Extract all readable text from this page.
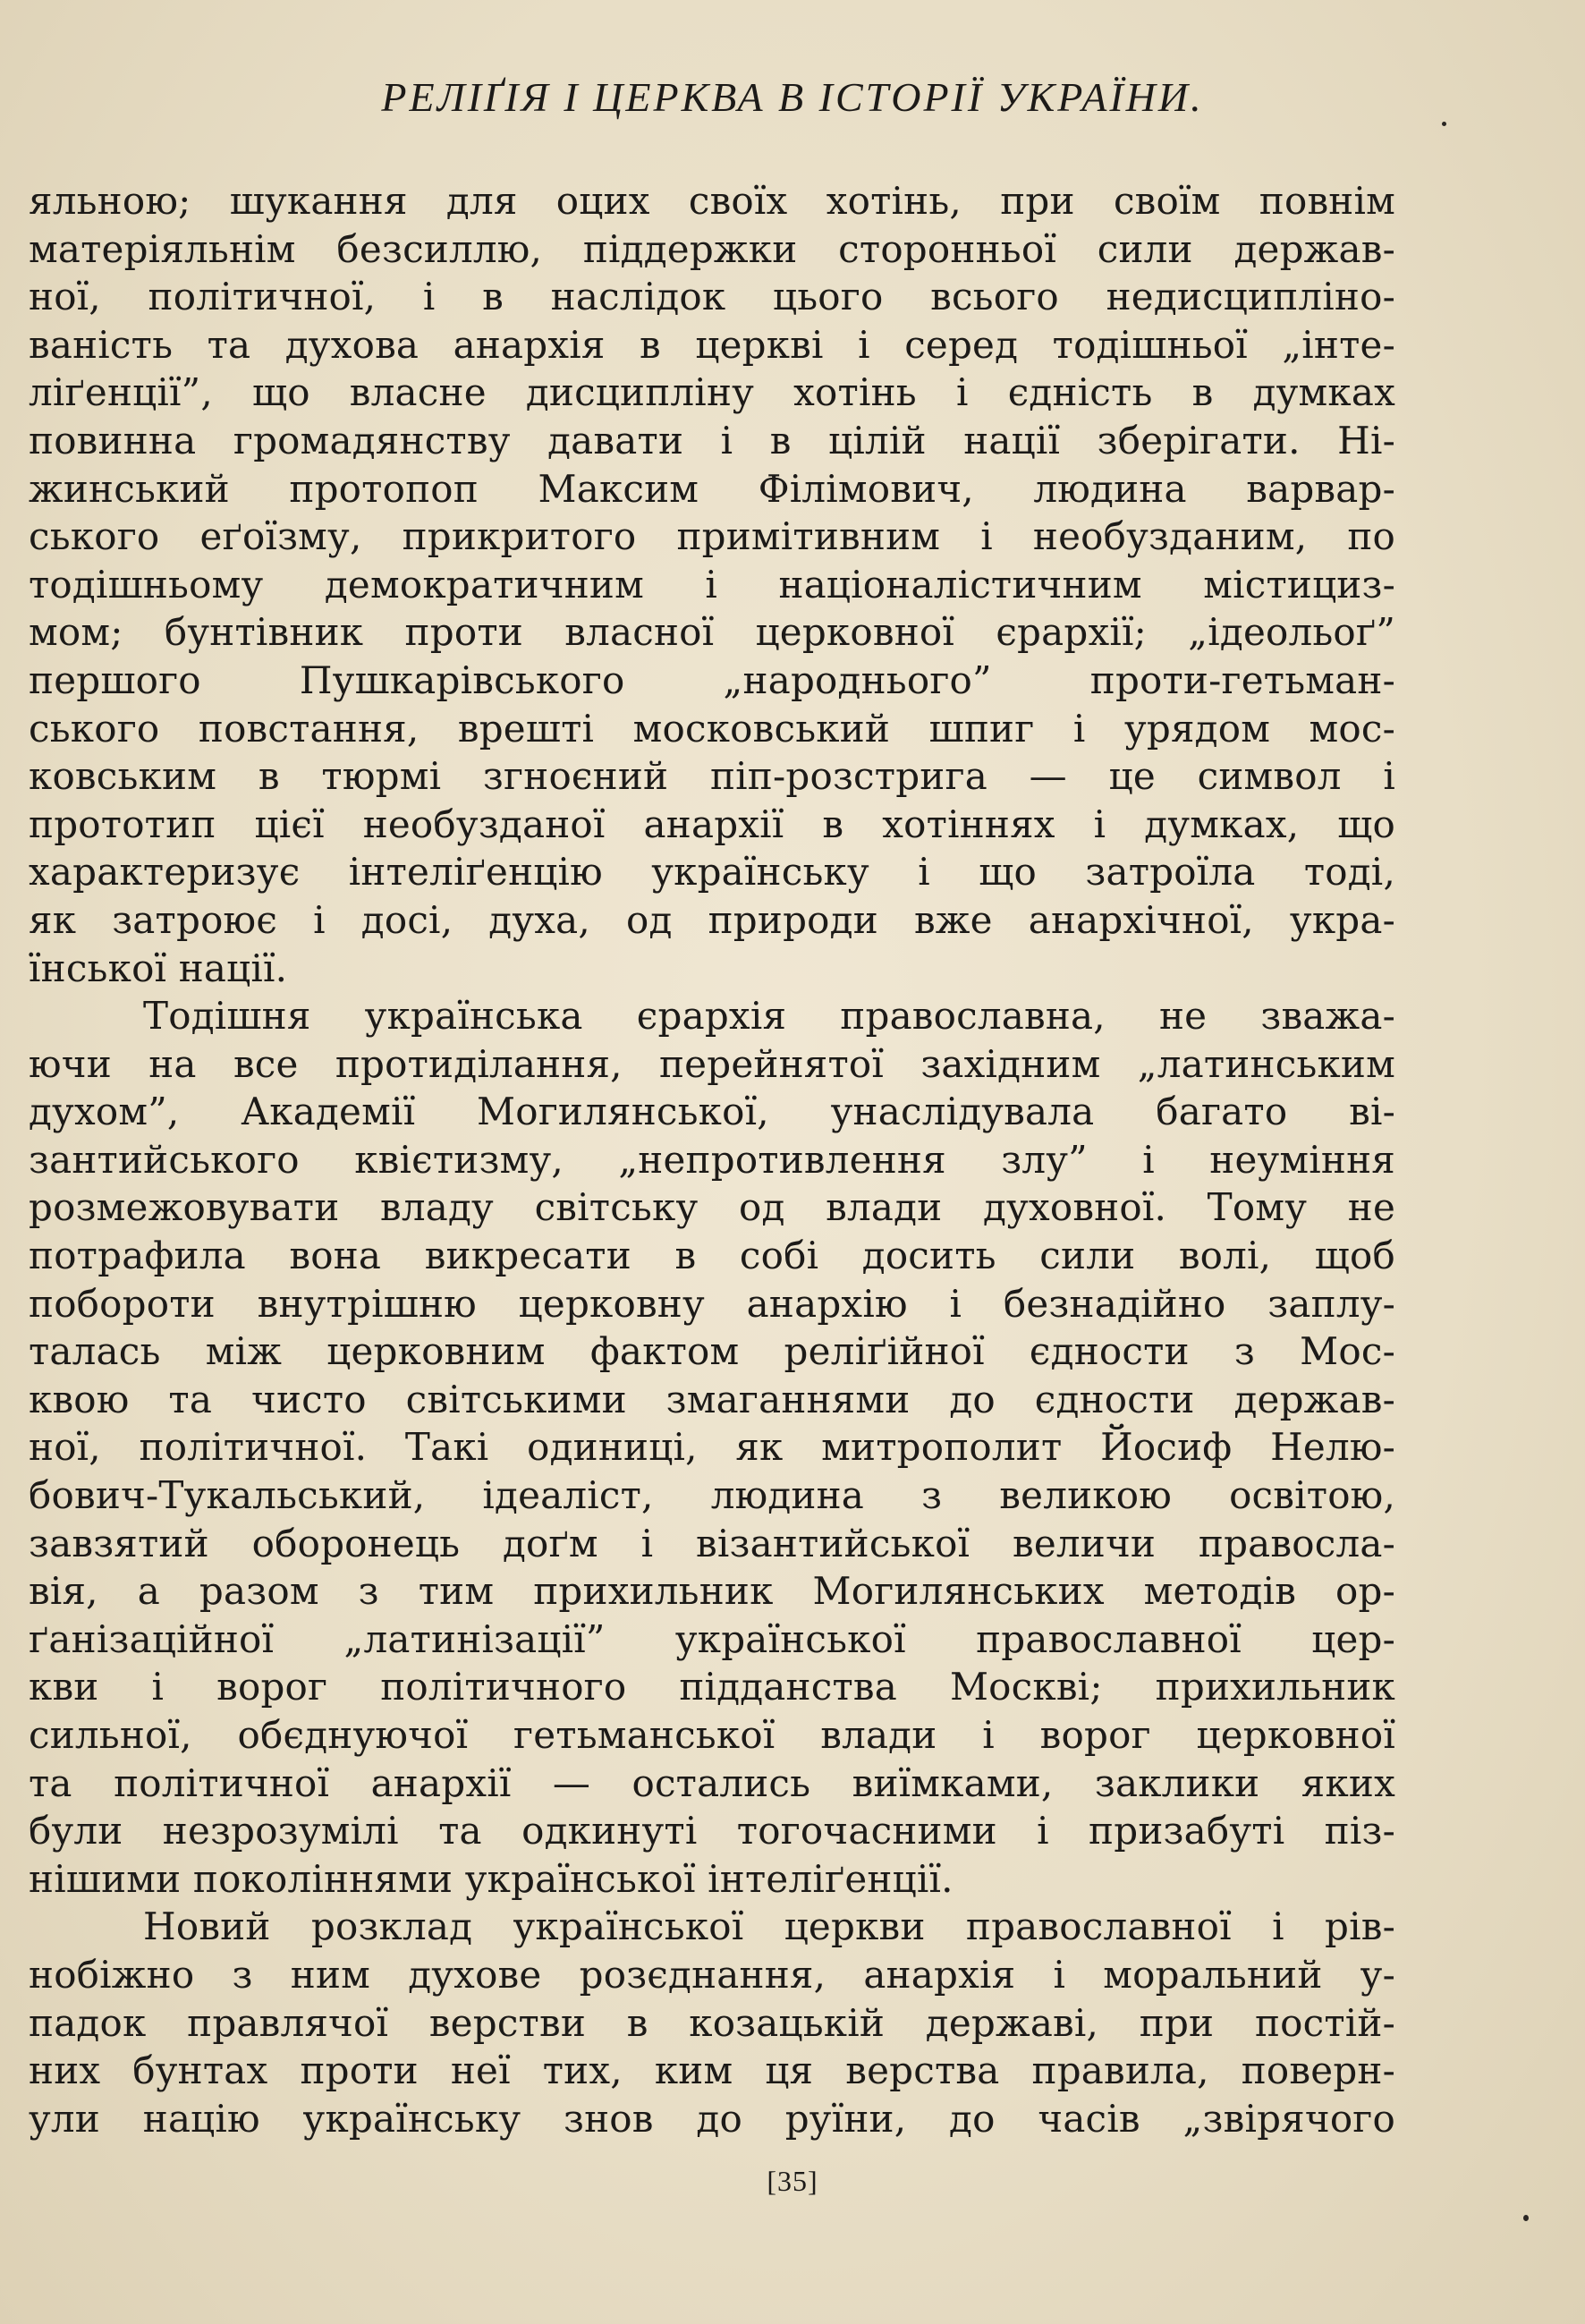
РЕЛІҐІЯ І ЦЕРКВА В ІСТОРІЇ УКРАЇНИ.
яльною; шукання для оцих своїх хотінь, при своїм повнім
матеріяльнім безсиллю, піддержки сторонньої сили держав-
ної, політичної, і в наслідок цього всього недисципліно-
ваність та духова анархія в церкві і серед тодішньої „інте-
ліґенції”, що власне дисципліну хотінь і єдність в думках
повинна громадянству давати і в цілій нації зберігати. Ні-
жинський протопоп Максим Філімович, людина варвар-
ського еґоїзму, прикритого примітивним і необузданим, по
тодішньому демократичним і націоналістичним містициз-
мом; бунтівник проти власної церковної єрархії; „ідеольоґ”
першого Пушкарівського „народнього” проти-гетьман-
ського повстання, врешті московський шпиг і урядом мос-
ковським в тюрмі згноєний піп-розстрига — це символ і
прототип цієї необузданої анархії в хотіннях і думках, що
характеризує інтеліґенцію українську і що затроїла тоді,
як затроює і досі, духа, од природи вже анархічної, укра-
їнської нації.
Тодішня українська єрархія православна, не зважа-
ючи на все протиділання, перейнятої західним „латинським
духом”, Академії Могилянської, унаслідувала багато ві-
зантийського квієтизму, „непротивлення злу” і неуміння
розмежовувати владу світську од влади духовної. Тому не
потрафила вона викресати в собі досить сили волі, щоб
побороти внутрішню церковну анархію і безнадійно заплу-
талась між церковним фактом реліґійної єдности з Мос-
квою та чисто світськими змаганнями до єдности держав-
ної, політичної. Такі одиниці, як митрополит Йосиф Нелю-
бович-Тукальський, ідеаліст, людина з великою освітою,
завзятий оборонець доґм і візантийської величи правосла-
вія, а разом з тим прихильник Могилянських методів ор-
ґанізаційної „латинізації” української православної цер-
кви і ворог політичного підданства Москві; прихильник
сильної, обєднуючої гетьманської влади і ворог церковної
та політичної анархії — остались виїмками, заклики яких
були незрозумілі та одкинуті тогочасними і призабуті піз-
нішими поколіннями української інтеліґенції.
Новий розклад української церкви православної і рів-
нобіжно з ним духове розєднання, анархія і моральний у-
падок правлячої верстви в козацькій державі, при постій-
них бунтах проти неї тих, ким ця верства правила, поверн-
ули націю українську знов до руїни, до часів „звірячого
[35]
